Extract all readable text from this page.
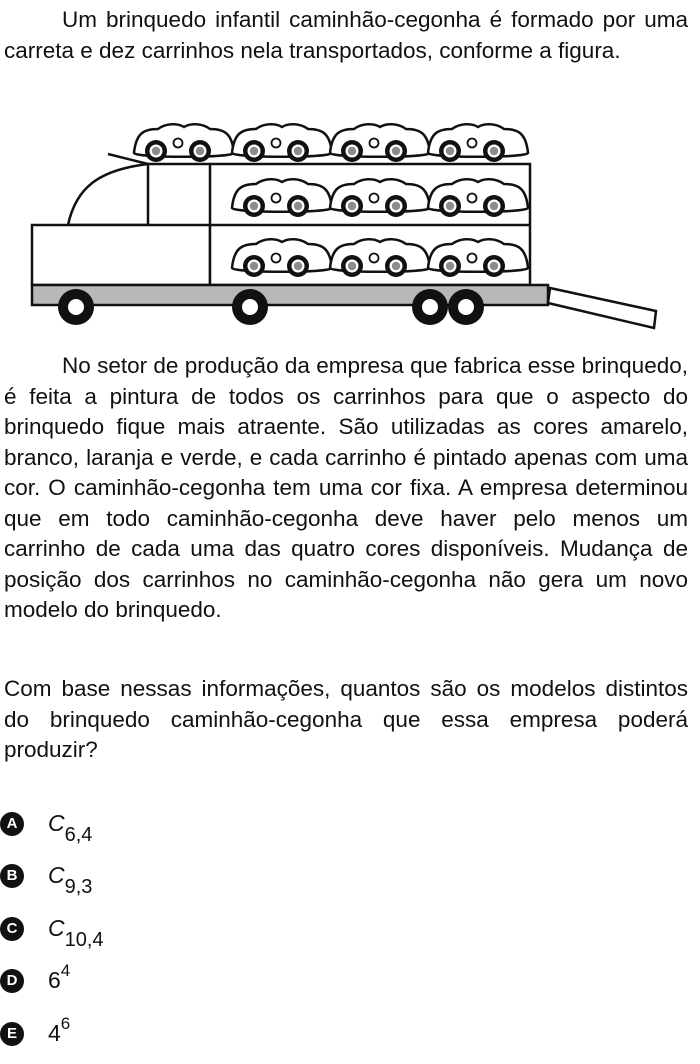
Um brinquedo infantil caminhão-cegonha é formado por uma carreta e dez carrinhos nela transportados, conforme a figura.

No setor de produção da empresa que fabrica esse brinquedo, é feita a pintura de todos os carrinhos para que o aspecto do brinquedo fique mais atraente. São utilizadas as cores amarelo, branco, laranja e verde, e cada carrinho é pintado apenas com uma cor. O caminhão-cegonha tem uma cor fixa. A empresa determinou que em todo caminhão-cegonha deve haver pelo menos um carrinho de cada uma das quatro cores disponíveis. Mudança de posição dos carrinhos no caminhão-cegonha não gera um novo modelo do brinquedo.

Com base nessas informações, quantos são os modelos distintos do brinquedo caminhão-cegonha que essa empresa poderá produzir?

A C6,4
B C9,3
C C10,4
D $6^4$
E	$4^6$
